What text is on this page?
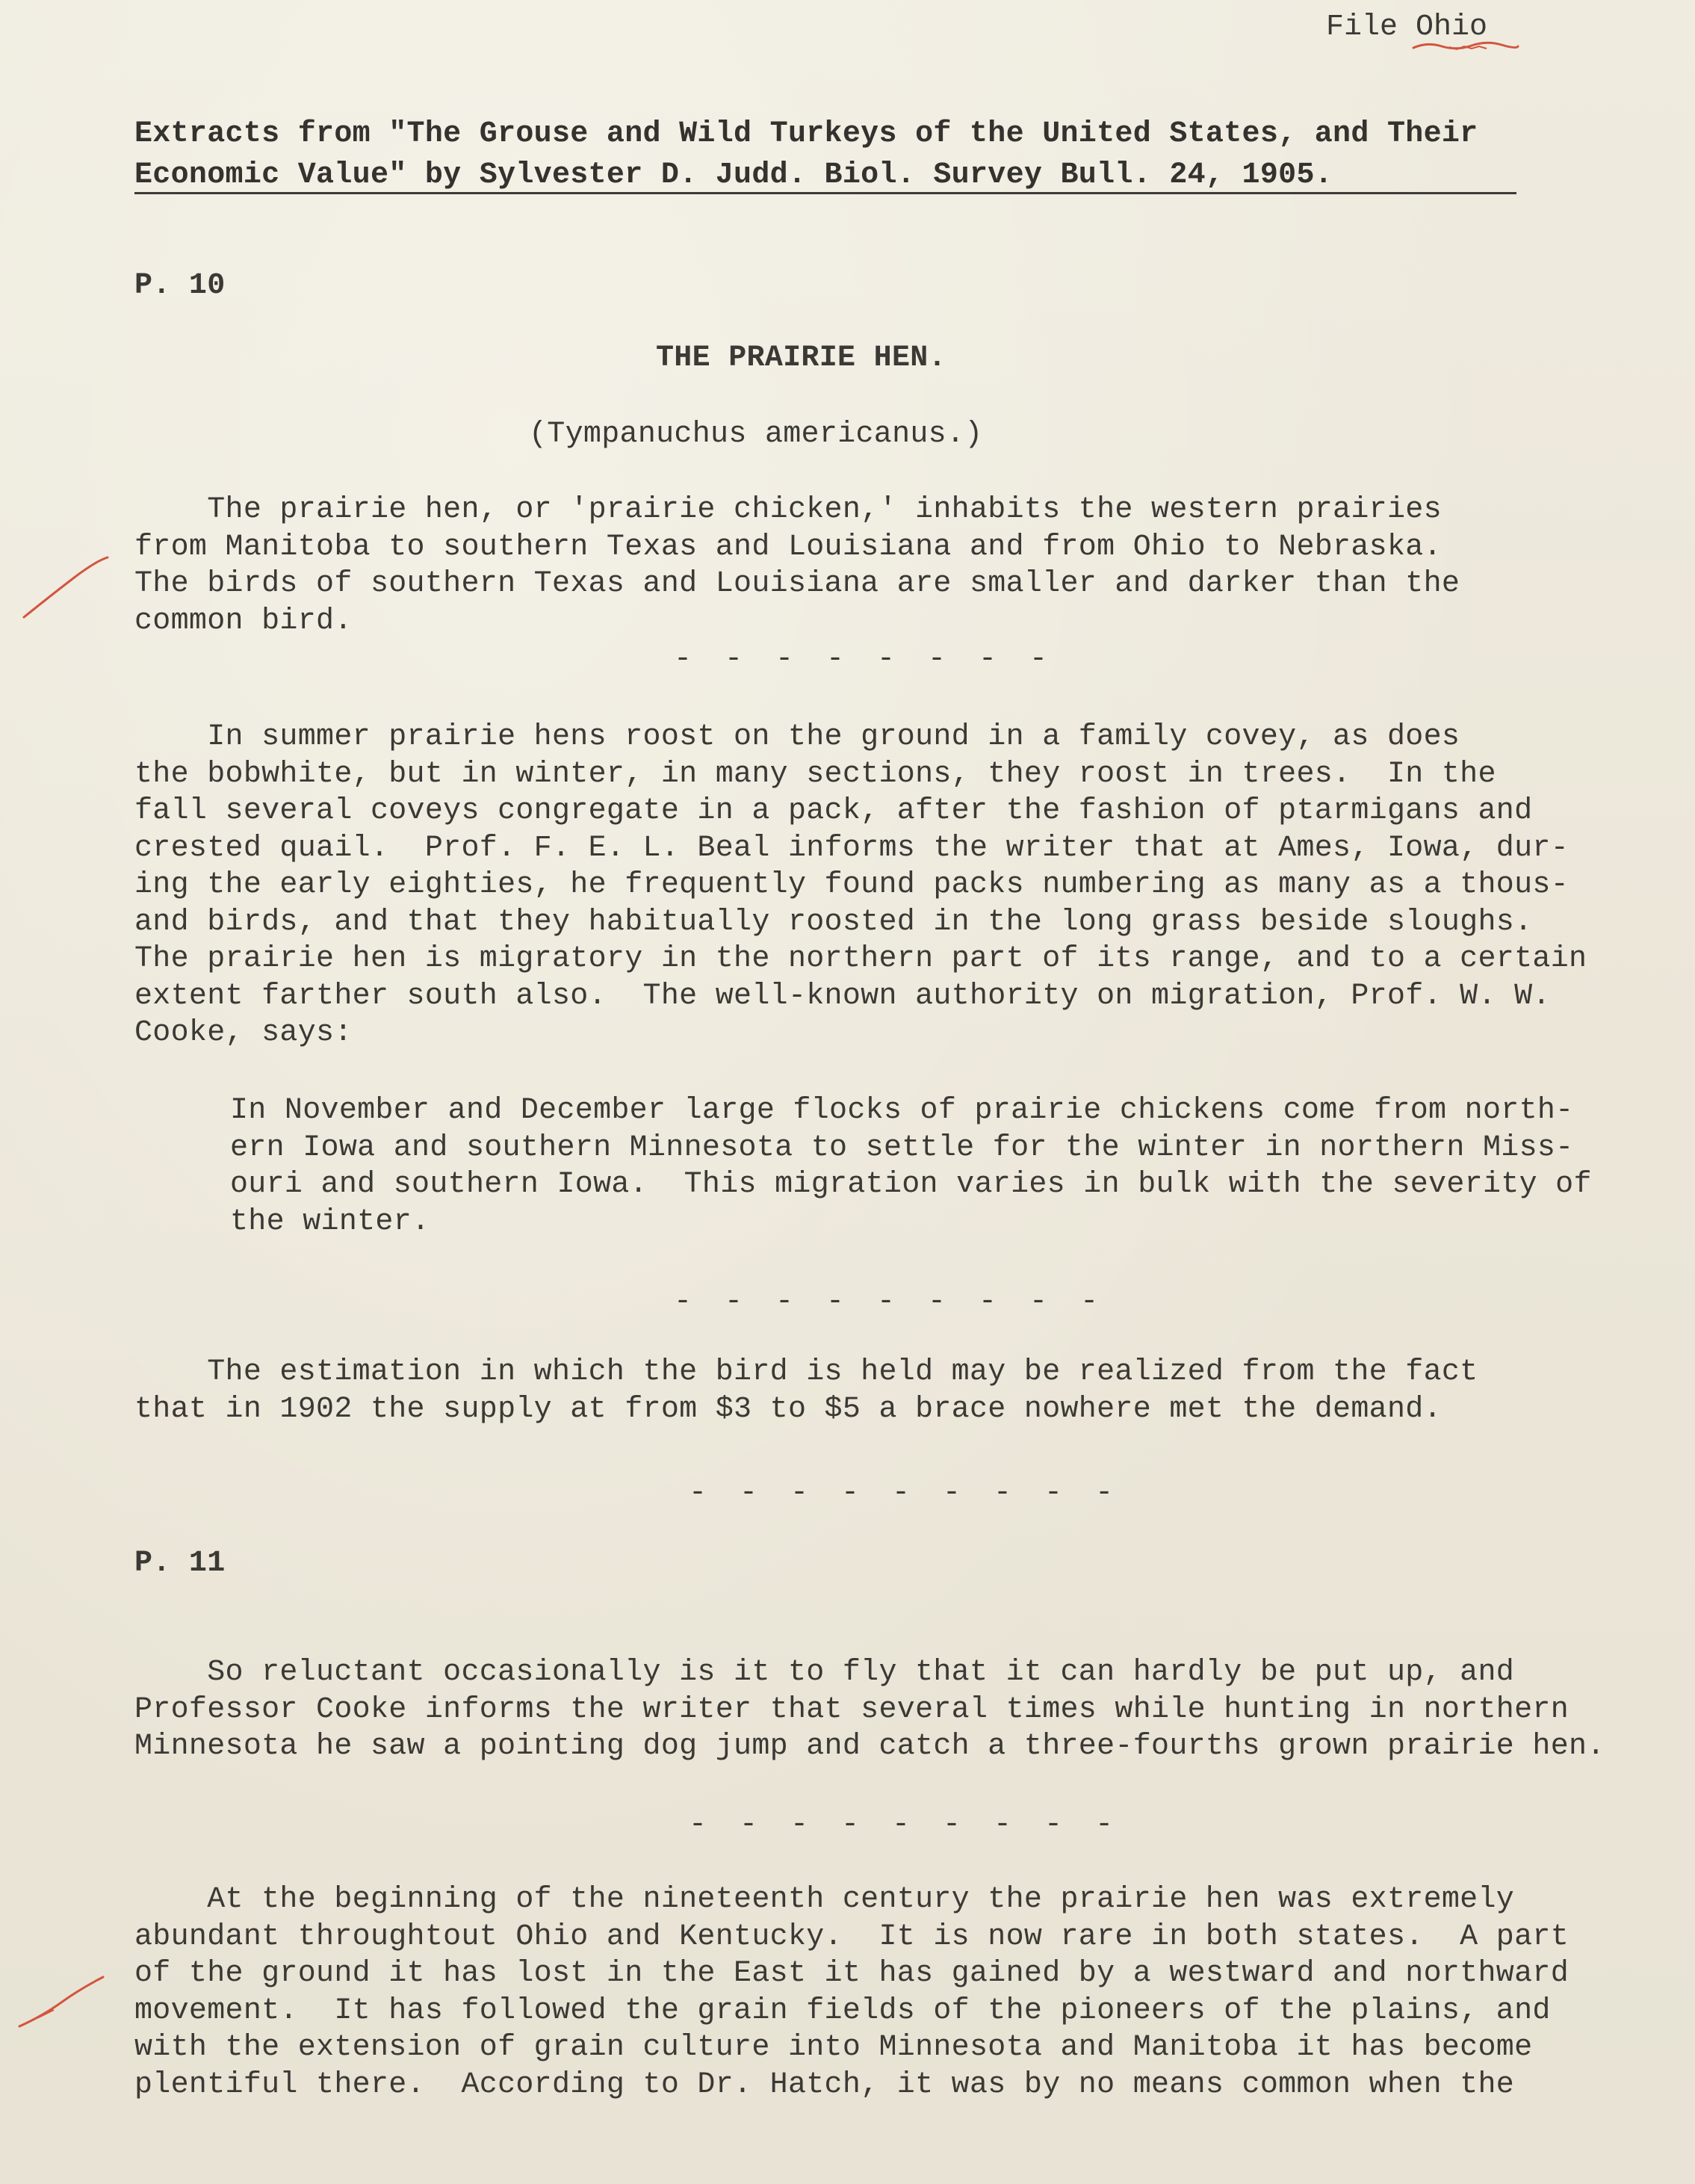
File Ohio
Extracts from "The Grouse and Wild Turkeys of the United States, and Their
Economic Value" by Sylvester D. Judd. Biol. Survey Bull. 24, 1905.
P. 10
THE PRAIRIE HEN.
(Tympanuchus americanus.)
The prairie hen, or 'prairie chicken,' inhabits the western prairies
from Manitoba to southern Texas and Louisiana and from Ohio to Nebraska.
The birds of southern Texas and Louisiana are smaller and darker than the
common bird.
- - - - - - - -
In summer prairie hens roost on the ground in a family covey, as does
the bobwhite, but in winter, in many sections, they roost in trees.  In the
fall several coveys congregate in a pack, after the fashion of ptarmigans and
crested quail.  Prof. F. E. L. Beal informs the writer that at Ames, Iowa, dur-
ing the early eighties, he frequently found packs numbering as many as a thous-
and birds, and that they habitually roosted in the long grass beside sloughs.
The prairie hen is migratory in the northern part of its range, and to a certain
extent farther south also.  The well-known authority on migration, Prof. W. W.
Cooke, says:
In November and December large flocks of prairie chickens come from north-
ern Iowa and southern Minnesota to settle for the winter in northern Miss-
ouri and southern Iowa.  This migration varies in bulk with the severity of
the winter.
- - - - - - - - -
The estimation in which the bird is held may be realized from the fact
that in 1902 the supply at from $3 to $5 a brace nowhere met the demand.
- - - - - - - - -
P. 11
So reluctant occasionally is it to fly that it can hardly be put up, and
Professor Cooke informs the writer that several times while hunting in northern
Minnesota he saw a pointing dog jump and catch a three-fourths grown prairie hen.
- - - - - - - - -
At the beginning of the nineteenth century the prairie hen was extremely
abundant throughtout Ohio and Kentucky.  It is now rare in both states.  A part
of the ground it has lost in the East it has gained by a westward and northward
movement.  It has followed the grain fields of the pioneers of the plains, and
with the extension of grain culture into Minnesota and Manitoba it has become
plentiful there.  According to Dr. Hatch, it was by no means common when the
